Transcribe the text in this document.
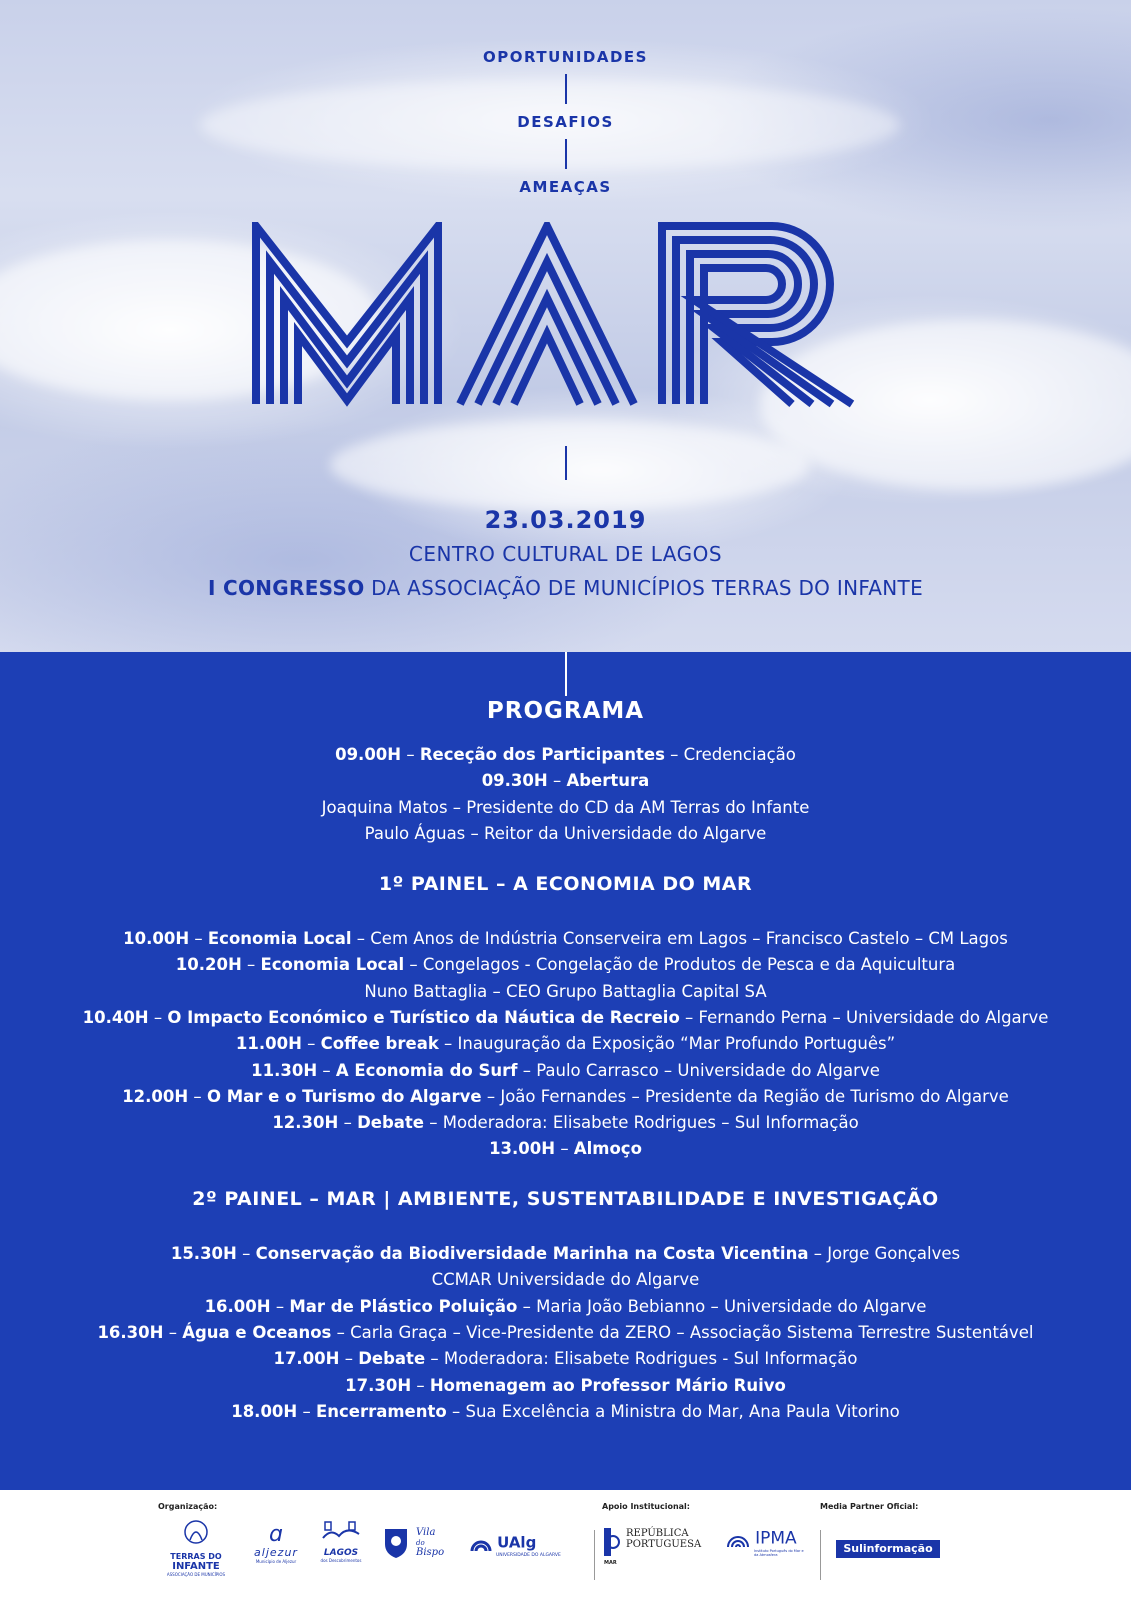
OPORTUNIDADES
DESAFIOS
AMEAÇAS
23.03.2019
CENTRO CULTURAL DE LAGOS
I CONGRESSO DA ASSOCIAÇÃO DE MUNICÍPIOS TERRAS DO INFANTE
PROGRAMA
09.00H – Receção dos Participantes – Credenciação
09.30H – Abertura
Joaquina Matos – Presidente do CD da AM Terras do Infante
Paulo Águas – Reitor da Universidade do Algarve
1º PAINEL – A ECONOMIA DO MAR
10.00H – Economia Local – Cem Anos de Indústria Conserveira em Lagos – Francisco Castelo – CM Lagos
10.20H – Economia Local – Congelagos - Congelação de Produtos de Pesca e da Aquicultura
Nuno Battaglia – CEO Grupo Battaglia Capital SA
10.40H – O Impacto Económico e Turístico da Náutica de Recreio – Fernando Perna – Universidade do Algarve
11.00H – Coffee break – Inauguração da Exposição “Mar Profundo Português”
11.30H – A Economia do Surf – Paulo Carrasco – Universidade do Algarve
12.00H – O Mar e o Turismo do Algarve – João Fernandes – Presidente da Região de Turismo do Algarve
12.30H – Debate – Moderadora: Elisabete Rodrigues – Sul Informação
13.00H – Almoço
2º PAINEL – MAR | AMBIENTE, SUSTENTABILIDADE E INVESTIGAÇÃO
15.30H – Conservação da Biodiversidade Marinha na Costa Vicentina – Jorge Gonçalves
CCMAR Universidade do Algarve
16.00H – Mar de Plástico Poluição – Maria João Bebianno – Universidade do Algarve
16.30H – Água e Oceanos – Carla Graça – Vice-Presidente da ZERO – Associação Sistema Terrestre Sustentável
17.00H – Debate – Moderadora: Elisabete Rodrigues - Sul Informação
17.30H – Homenagem ao Professor Mário Ruivo
18.00H – Encerramento – Sua Excelência a Ministra do Mar, Ana Paula Vitorino
Organização:	Apoio Institucional:	Media Partner Oficial:
TERRAS DO
INFANTE
ASSOCIAÇÃO DE MUNICÍPIOS
ɑ
aljezur
Município de Aljezur
LAGOS
dos Descobrimentos
Vila
do
Bispo
UAlg
UNIVERSIDADE DO ALGARVE
REPÚBLICA
PORTUGUESA
MAR
IPMA
Instituto Português do Mar e da Atmosfera	Sulinformação
